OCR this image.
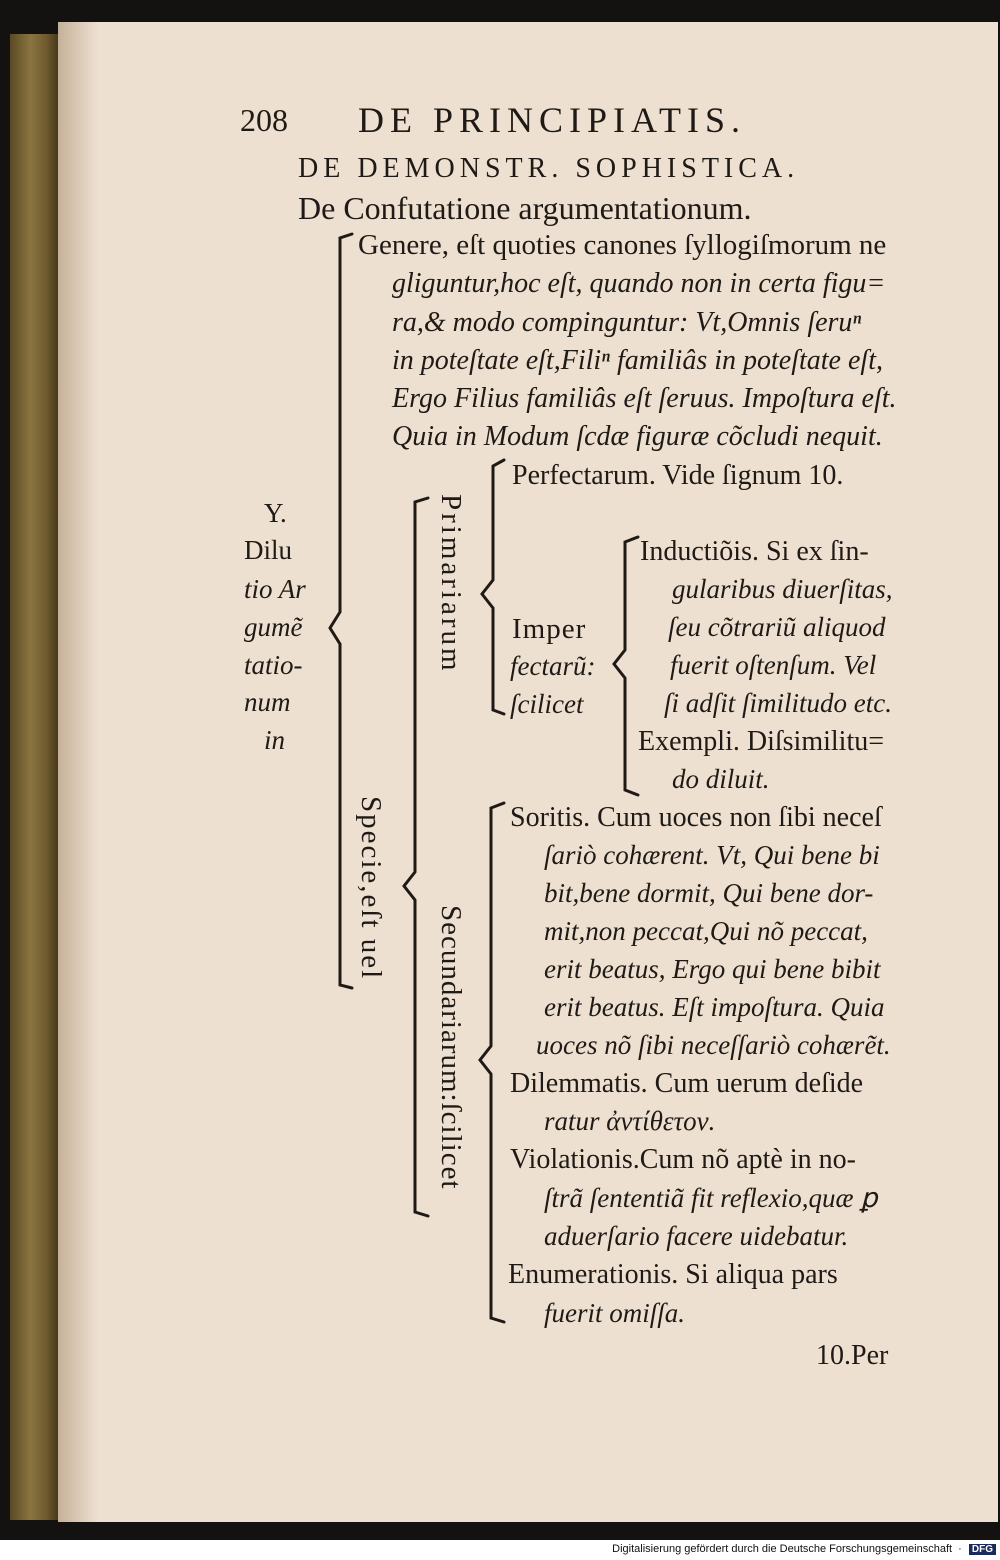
208 DE PRINCIPIATIS.
DE DEMONSTR. SOPHISTICA.
De Confutatione argumentationum.
Genere, eſt quoties canones ſyllogiſmorum ne
gliguntur,hoc eſt, quando non in certa figu=
ra,& modo compinguntur: Vt,Omnis ſeruⁿ
in poteſtate eſt,Filiⁿ familiâs in poteſtate eſt,
Ergo Filius familiâs eſt ſeruus. Impoſtura eſt.
Quia in Modum ſcdæ figuræ cõcludi nequit.
Y.
Dilu
tio Ar
gumẽ
tatio-
num
in
Specie,eſt uel
Primariarum
Secundariarum:ſcilicet
Perfectarum. Vide ſignum 10.
Imper
fectarũ:
ſcilicet
Inductiõis. Si ex ſin-
gularibus diuerſitas,
ſeu cõtrariũ aliquod
fuerit oſtenſum. Vel
ſi adſit ſimilitudo etc.
Exempli. Diſsimilitu=
do diluit.
Soritis. Cum uoces non ſibi neceſ
ſariò cohærent. Vt, Qui bene bi
bit,bene dormit, Qui bene dor-
mit,non peccat,Qui nõ peccat,
erit beatus, Ergo qui bene bibit
erit beatus. Eſt impoſtura. Quia
uoces nõ ſibi neceſſariò cohærẽt.
Dilemmatis. Cum uerum deſide
ratur ἀντίθετον.
Violationis.Cum nõ aptè in no-
ſtrã ſententiã fit reflexio,quæ ꝑ
aduerſario facere uidebatur.
Enumerationis. Si aliqua pars
fuerit omiſſa.
10.Per
Digitalisierung gefördert durch die Deutsche Forschungsgemeinschaft · DFG
